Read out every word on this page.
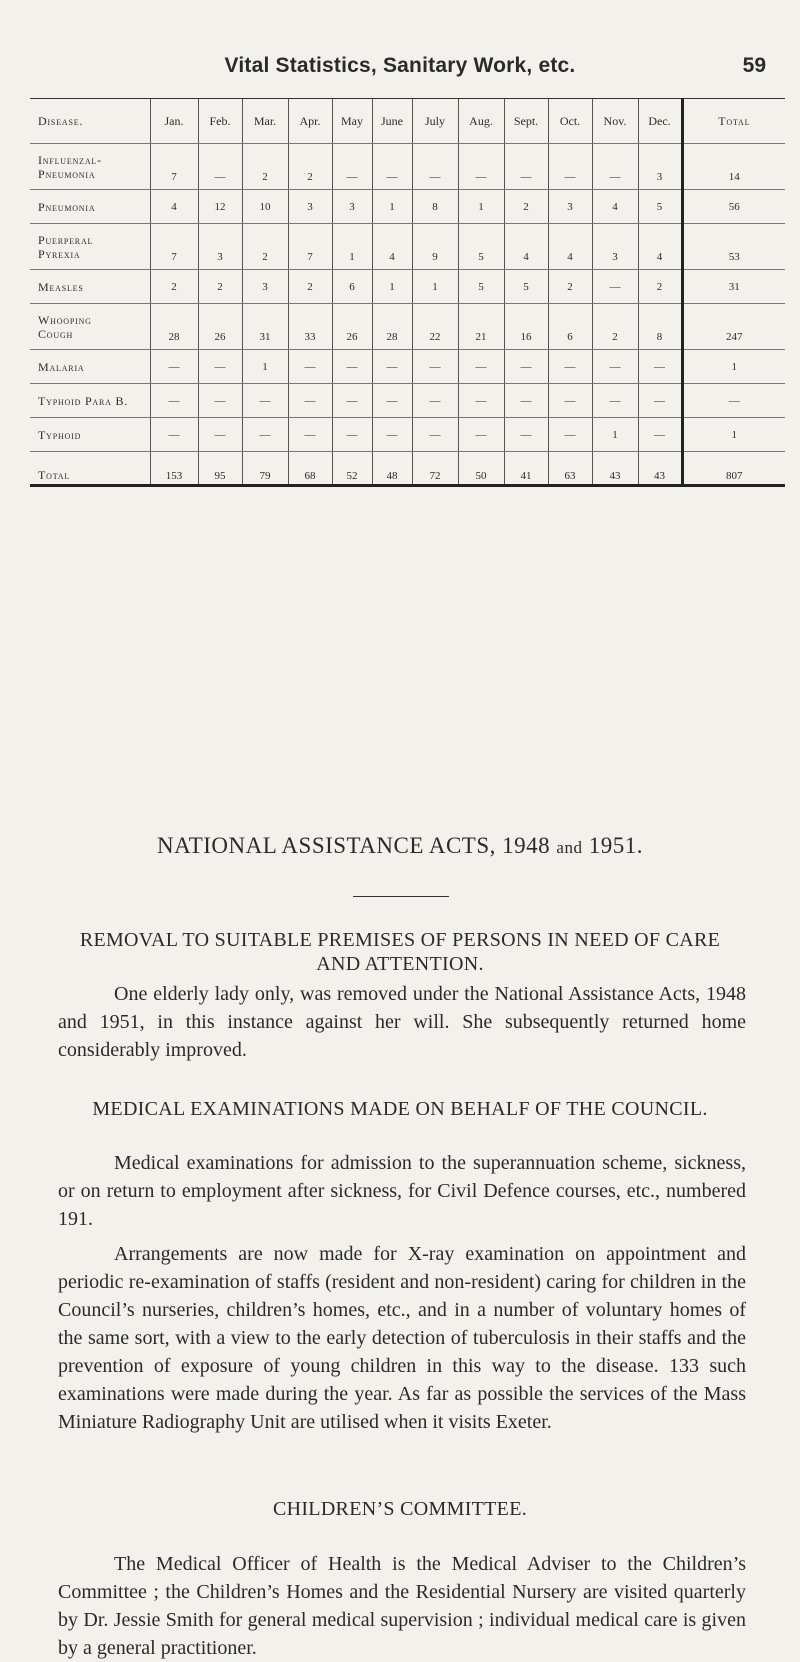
Vital Statistics, Sanitary Work, etc.	59
Disease.	Jan.	Feb.	Mar.	Apr.	May	June	July	Aug.	Sept.	Oct.	Nov.	Dec.	Total
Influenzal-
Pneumonia	7	—	2	2	—	—	—	—	—	—	—	3	14
Pneumonia	4	12	10	3	3	1	8	1	2	3	4	5	56
Puerperal
Pyrexia	7	3	2	7	1	4	9	5	4	4	3	4	53
Measles	2	2	3	2	6	1	1	5	5	2	—	2	31
Whooping
Cough	28	26	31	33	26	28	22	21	16	6	2	8	247
Malaria	—	—	1	—	—	—	—	—	—	—	—	—	1
Typhoid Para B.	—	—	—	—	—	—	—	—	—	—	—	—	—
Typhoid	—	—	—	—	—	—	—	—	—	—	1	—	1
Total	153	95	79	68	52	48	72	50	41	63	43	43	807
NATIONAL ASSISTANCE ACTS, 1948 and 1951.
REMOVAL TO SUITABLE PREMISES OF PERSONS IN NEED OF CARE AND ATTENTION.

One elderly lady only, was removed under the National Assistance Acts, 1948 and 1951, in this instance against her will. She subsequently returned home considerably improved.

MEDICAL EXAMINATIONS MADE ON BEHALF OF THE COUNCIL.

Medical examinations for admission to the superannuation scheme, sickness, or on return to employment after sickness, for Civil Defence courses, etc., numbered 191.

Arrangements are now made for X-ray examination on appointment and periodic re-examination of staffs (resident and non-resident) caring for children in the Council’s nurseries, children’s homes, etc., and in a number of voluntary homes of the same sort, with a view to the early detection of tuberculosis in their staffs and the prevention of exposure of young children in this way to the disease. 133 such examinations were made during the year. As far as possible the services of the Mass Miniature Radiography Unit are utilised when it visits Exeter.

CHILDREN’S COMMITTEE.

The Medical Officer of Health is the Medical Adviser to the Children’s Committee ; the Children’s Homes and the Residential Nursery are visited quarterly by Dr. Jessie Smith for general medical supervision ; individual medical care is given by a general practitioner.
